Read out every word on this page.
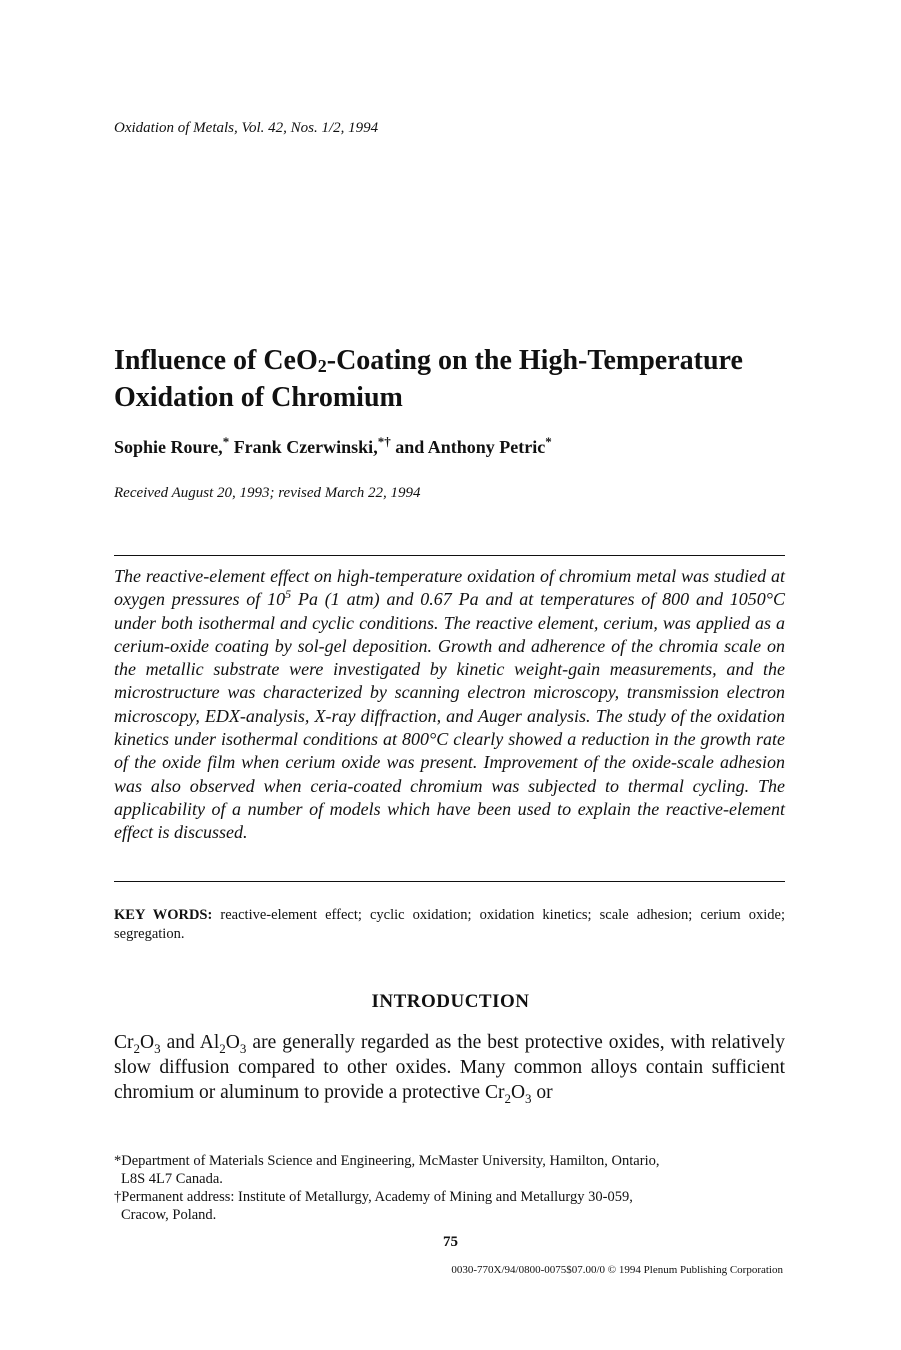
Oxidation of Metals, Vol. 42, Nos. 1/2, 1994
Influence of CeO$_2$-Coating on the High-Temperature Oxidation of Chromium
Sophie Roure,* Frank Czerwinski,*† and Anthony Petric*
Received August 20, 1993; revised March 22, 1994

The reactive-element effect on high-temperature oxidation of chromium metal was studied at oxygen pressures of $10^5$ Pa (1 atm) and 0.67 Pa and at temperatures of 800 and 1050°C under both isothermal and cyclic conditions. The reactive element, cerium, was applied as a cerium-oxide coating by sol-gel deposition. Growth and adherence of the chromia scale on the metallic substrate were investigated by kinetic weight-gain measurements, and the microstructure was characterized by scanning electron microscopy, transmission electron microscopy, EDX-analysis, X-ray diffraction, and Auger analysis. The study of the oxidation kinetics under isothermal conditions at 800°C clearly showed a reduction in the growth rate of the oxide film when cerium oxide was present. Improvement of the oxide-scale adhesion was also observed when ceria-coated chromium was subjected to thermal cycling. The applicability of a number of models which have been used to explain the reactive-element effect is discussed.

KEY WORDS: reactive-element effect; cyclic oxidation; oxidation kinetics; scale adhesion; cerium oxide; segregation.

INTRODUCTION

$Cr_2O_3$ and $Al_2O_3$ are generally regarded as the best protective oxides, with relatively slow diffusion compared to other oxides. Many common alloys contain sufficient chromium or aluminum to provide a protective $Cr_2O_3$ or

*Department of Materials Science and Engineering, McMaster University, Hamilton, Ontario,
L8S 4L7 Canada.
†Permanent address: Institute of Metallurgy, Academy of Mining and Metallurgy 30-059,
Cracow, Poland.
75
0030-770X/94/0800-0075$07.00/0 © 1994 Plenum Publishing Corporation
